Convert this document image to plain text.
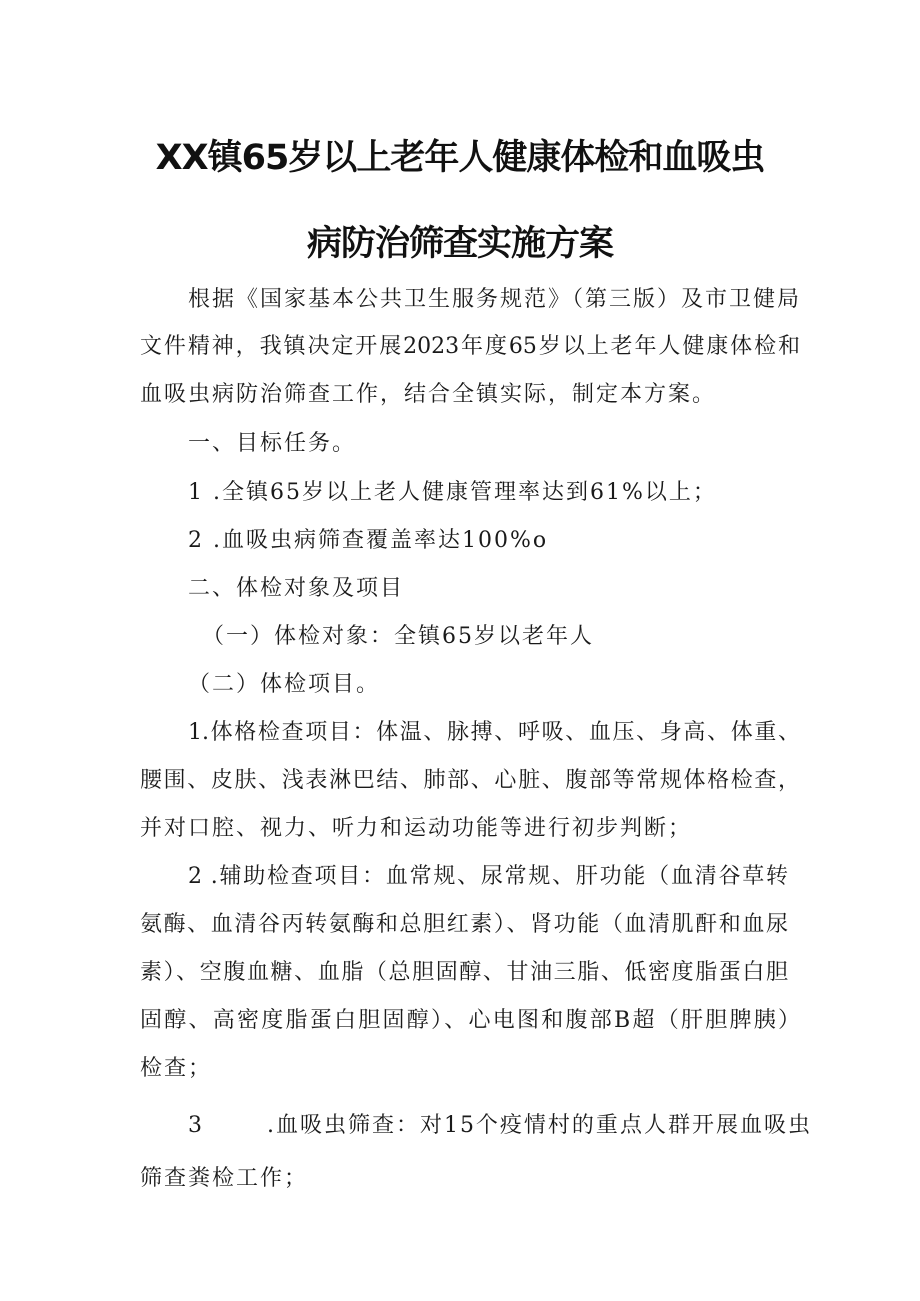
XX镇65岁以上老年人健康体检和血吸虫
病防治筛查实施方案
根据《国家基本公共卫生服务规范》（第三版）及市卫健局
文件精神，我镇决定开展2023年度65岁以上老年人健康体检和
血吸虫病防治筛查工作，结合全镇实际，制定本方案。
一、目标任务。
1 .全镇65岁以上老人健康管理率达到61%以上；
2 .血吸虫病筛查覆盖率达100%o
二、体检对象及项目
（一）体检对象：全镇65岁以老年人
（二）体检项目。
1.体格检查项目：体温、脉搏、呼吸、血压、身高、体重、
腰围、皮肤、浅表淋巴结、肺部、心脏、腹部等常规体格检查，
并对口腔、视力、听力和运动功能等进行初步判断；
2 .辅助检查项目：血常规、尿常规、肝功能（血清谷草转
氨酶、血清谷丙转氨酶和总胆红素）、肾功能（血清肌酐和血尿
素）、空腹血糖、血脂（总胆固醇、甘油三脂、低密度脂蛋白胆
固醇、高密度脂蛋白胆固醇）、心电图和腹部B超（肝胆脾胰）
检查；
3       .血吸虫筛查：对15个疫情村的重点人群开展血吸虫
筛查粪检工作；
